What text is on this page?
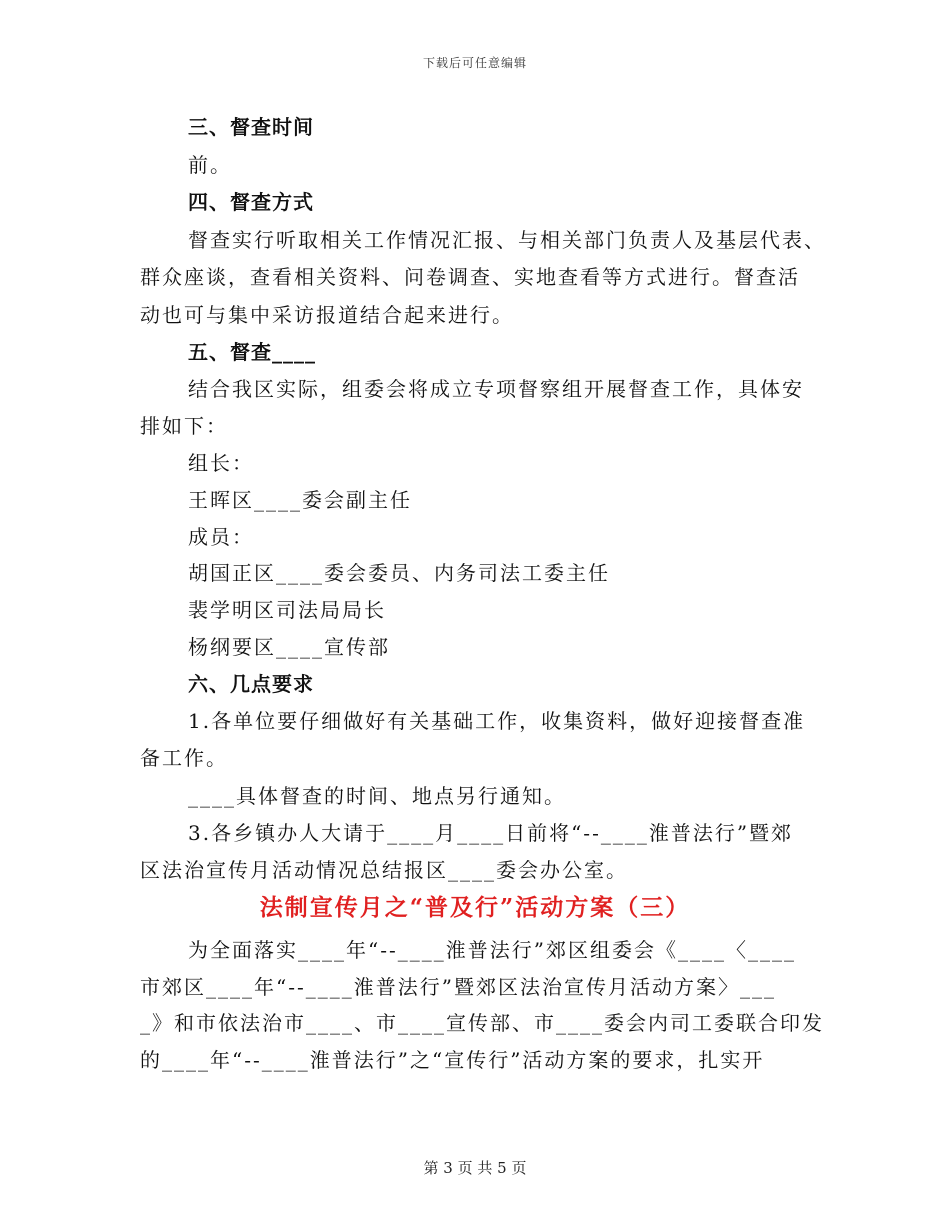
下载后可任意编辑
三、督查时间
前。
四、督查方式
督查实行听取相关工作情况汇报、与相关部门负责人及基层代表、
群众座谈，查看相关资料、问卷调查、实地查看等方式进行。督查活
动也可与集中采访报道结合起来进行。
五、督查____
结合我区实际，组委会将成立专项督察组开展督查工作，具体安
排如下：
组长：
王晖区____委会副主任
成员：
胡国正区____委会委员、内务司法工委主任
裴学明区司法局局长
杨纲要区____宣传部
六、几点要求
1.各单位要仔细做好有关基础工作，收集资料，做好迎接督查准
备工作。
____具体督查的时间、地点另行通知。
3.各乡镇办人大请于____月____日前将“--____淮普法行”暨郊
区法治宣传月活动情况总结报区____委会办公室。
法制宣传月之“普及行”活动方案（三）
为全面落实____年“--____淮普法行”郊区组委会《____〈____
市郊区____年“--____淮普法行”暨郊区法治宣传月活动方案〉___
_》和市依法治市____、市____宣传部、市____委会内司工委联合印发
的____年“--____淮普法行”之“宣传行”活动方案的要求，扎实开
第 3 页 共 5 页
